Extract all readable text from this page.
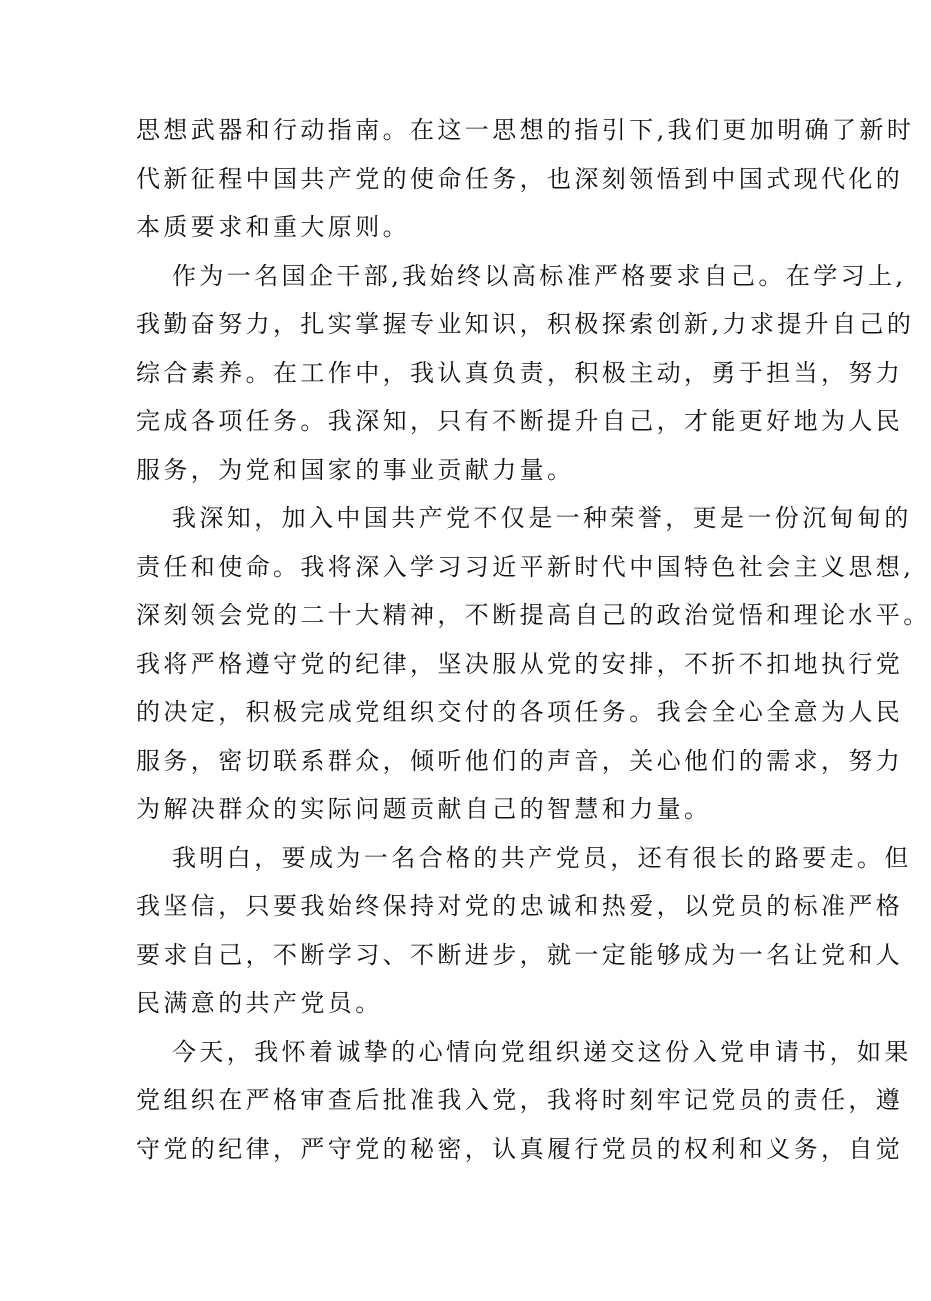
思想武器和行动指南。在这一思想的指引下,我们更加明确了新时
代新征程中国共产党的使命任务，也深刻领悟到中国式现代化的
本质要求和重大原则。
作为一名国企干部,我始终以高标准严格要求自己。在学习上,
我勤奋努力，扎实掌握专业知识，积极探索创新,力求提升自己的
综合素养。在工作中，我认真负责，积极主动，勇于担当，努力
完成各项任务。我深知，只有不断提升自己，才能更好地为人民
服务，为党和国家的事业贡献力量。
我深知，加入中国共产党不仅是一种荣誉，更是一份沉甸甸的
责任和使命。我将深入学习习近平新时代中国特色社会主义思想,
深刻领会党的二十大精神，不断提高自己的政治觉悟和理论水平。
我将严格遵守党的纪律，坚决服从党的安排，不折不扣地执行党
的决定，积极完成党组织交付的各项任务。我会全心全意为人民
服务，密切联系群众，倾听他们的声音，关心他们的需求，努力
为解决群众的实际问题贡献自己的智慧和力量。
我明白，要成为一名合格的共产党员，还有很长的路要走。但
我坚信，只要我始终保持对党的忠诚和热爱，以党员的标准严格
要求自己，不断学习、不断进步，就一定能够成为一名让党和人
民满意的共产党员。
今天，我怀着诚挚的心情向党组织递交这份入党申请书，如果
党组织在严格审查后批准我入党，我将时刻牢记党员的责任，遵
守党的纪律，严守党的秘密，认真履行党员的权利和义务，自觉
